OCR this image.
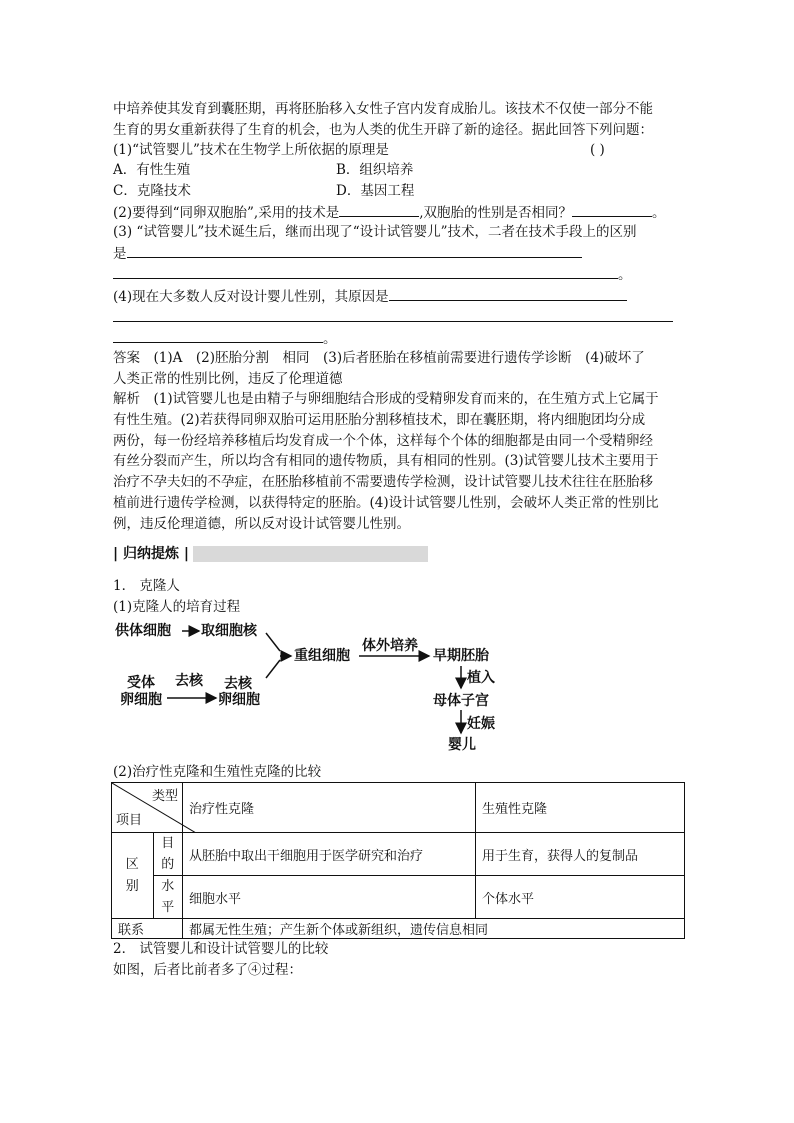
中培养使其发育到囊胚期，再将胚胎移入女性子宫内发育成胎儿。该技术不仅使一部分不能
生育的男女重新获得了生育的机会，也为人类的优生开辟了新的途径。据此回答下列问题：
(1)“试管婴儿”技术在生物学上所依据的原理是	( )
A．有性生殖	B．组织培养
C．克隆技术	D．基因工程
(2)要得到“同卵双胞胎”,采用的技术是	,双胞胎的性别是否相同？	。
(3) “试管婴儿”技术诞生后，继而出现了“设计试管婴儿”技术，二者在技术手段上的区别
是
。
(4)现在大多数人反对设计婴儿性别，其原因是
。
答案　(1)A　(2)胚胎分割　相同　(3)后者胚胎在移植前需要进行遗传学诊断　(4)破坏了
人类正常的性别比例，违反了伦理道德
解析　(1)试管婴儿也是由精子与卵细胞结合形成的受精卵发育而来的，在生殖方式上它属于
有性生殖。(2)若获得同卵双胎可运用胚胎分割移植技术，即在囊胚期，将内细胞团均分成
两份，每一份经培养移植后均发育成一个个体，这样每个个体的细胞都是由同一个受精卵经
有丝分裂而产生，所以均含有相同的遗传物质，具有相同的性别。(3)试管婴儿技术主要用于
治疗不孕夫妇的不孕症，在胚胎移植前不需要遗传学检测，设计试管婴儿技术往往在胚胎移
植前进行遗传学检测，以获得特定的胚胎。(4)设计试管婴儿性别，会破坏人类正常的性别比
例，违反伦理道德，所以反对设计试管婴儿性别。
| 归纳提炼 |
1． 克隆人
(1)克隆人的培育过程
供体细胞 取细胞核
受体
卵细胞
去核 去核
卵细胞
重组细胞
体外培养
早期胚胎
植入
母体子宫
妊娠
婴儿
(2)治疗性克隆和生殖性克隆的比较
类型
项目		治疗性克隆	生殖性克隆
区别	目的	从胚胎中取出干细胞用于医学研究和治疗	用于生育，获得人的复制品
	水平	细胞水平	个体水平
联系		都属无性生殖；产生新个体或新组织，遗传信息相同	
2． 试管婴儿和设计试管婴儿的比较
如图，后者比前者多了④过程：
